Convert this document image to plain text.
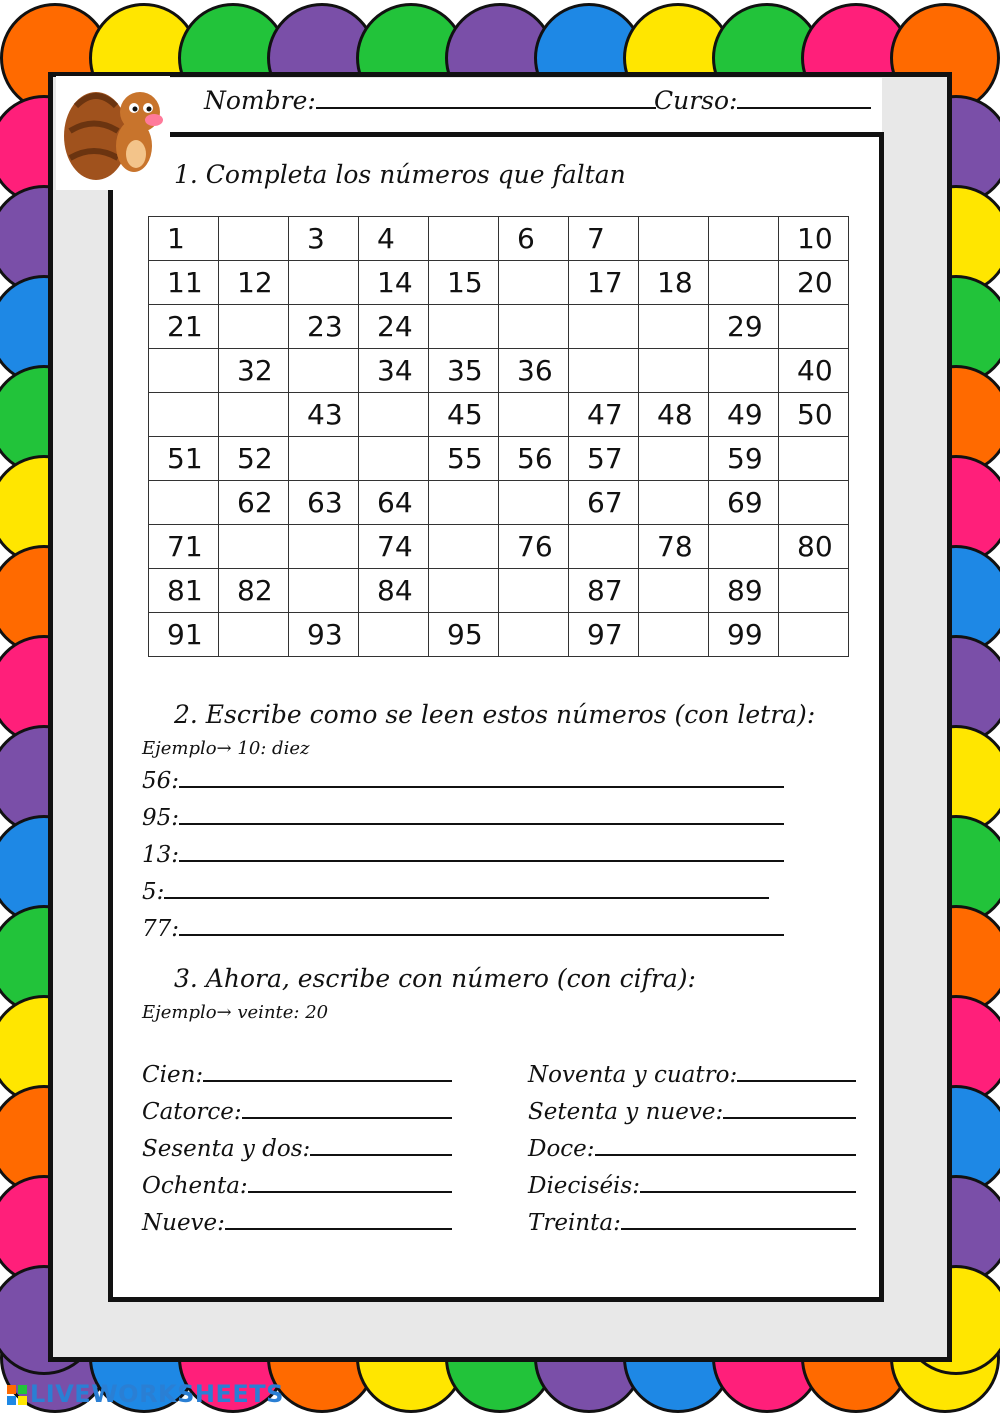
Nombre:	Curso:
1. Completa los números que faltan
1		3	4		6	7			10
11	12		14	15		17	18		20
21		23	24					29	
	32		34	35	36				40
		43		45		47	48	49	50
51	52			55	56	57		59	
	62	63	64			67		69	
71			74		76		78		80
81	82		84			87		89	
91		93		95		97		99	
2. Escribe como se leen estos números (con letra):
Ejemplo→ 10: diez
56:
95:
13:
5:
77:
3. Ahora, escribe con número (con cifra):
Ejemplo→ veinte: 20
Cien:
Catorce:
Sesenta y dos:
Ochenta:
Nueve:
Noventa y cuatro:
Setenta y nueve:
Doce:
Dieciséis:
Treinta:
LIVEWORKSHEETS
